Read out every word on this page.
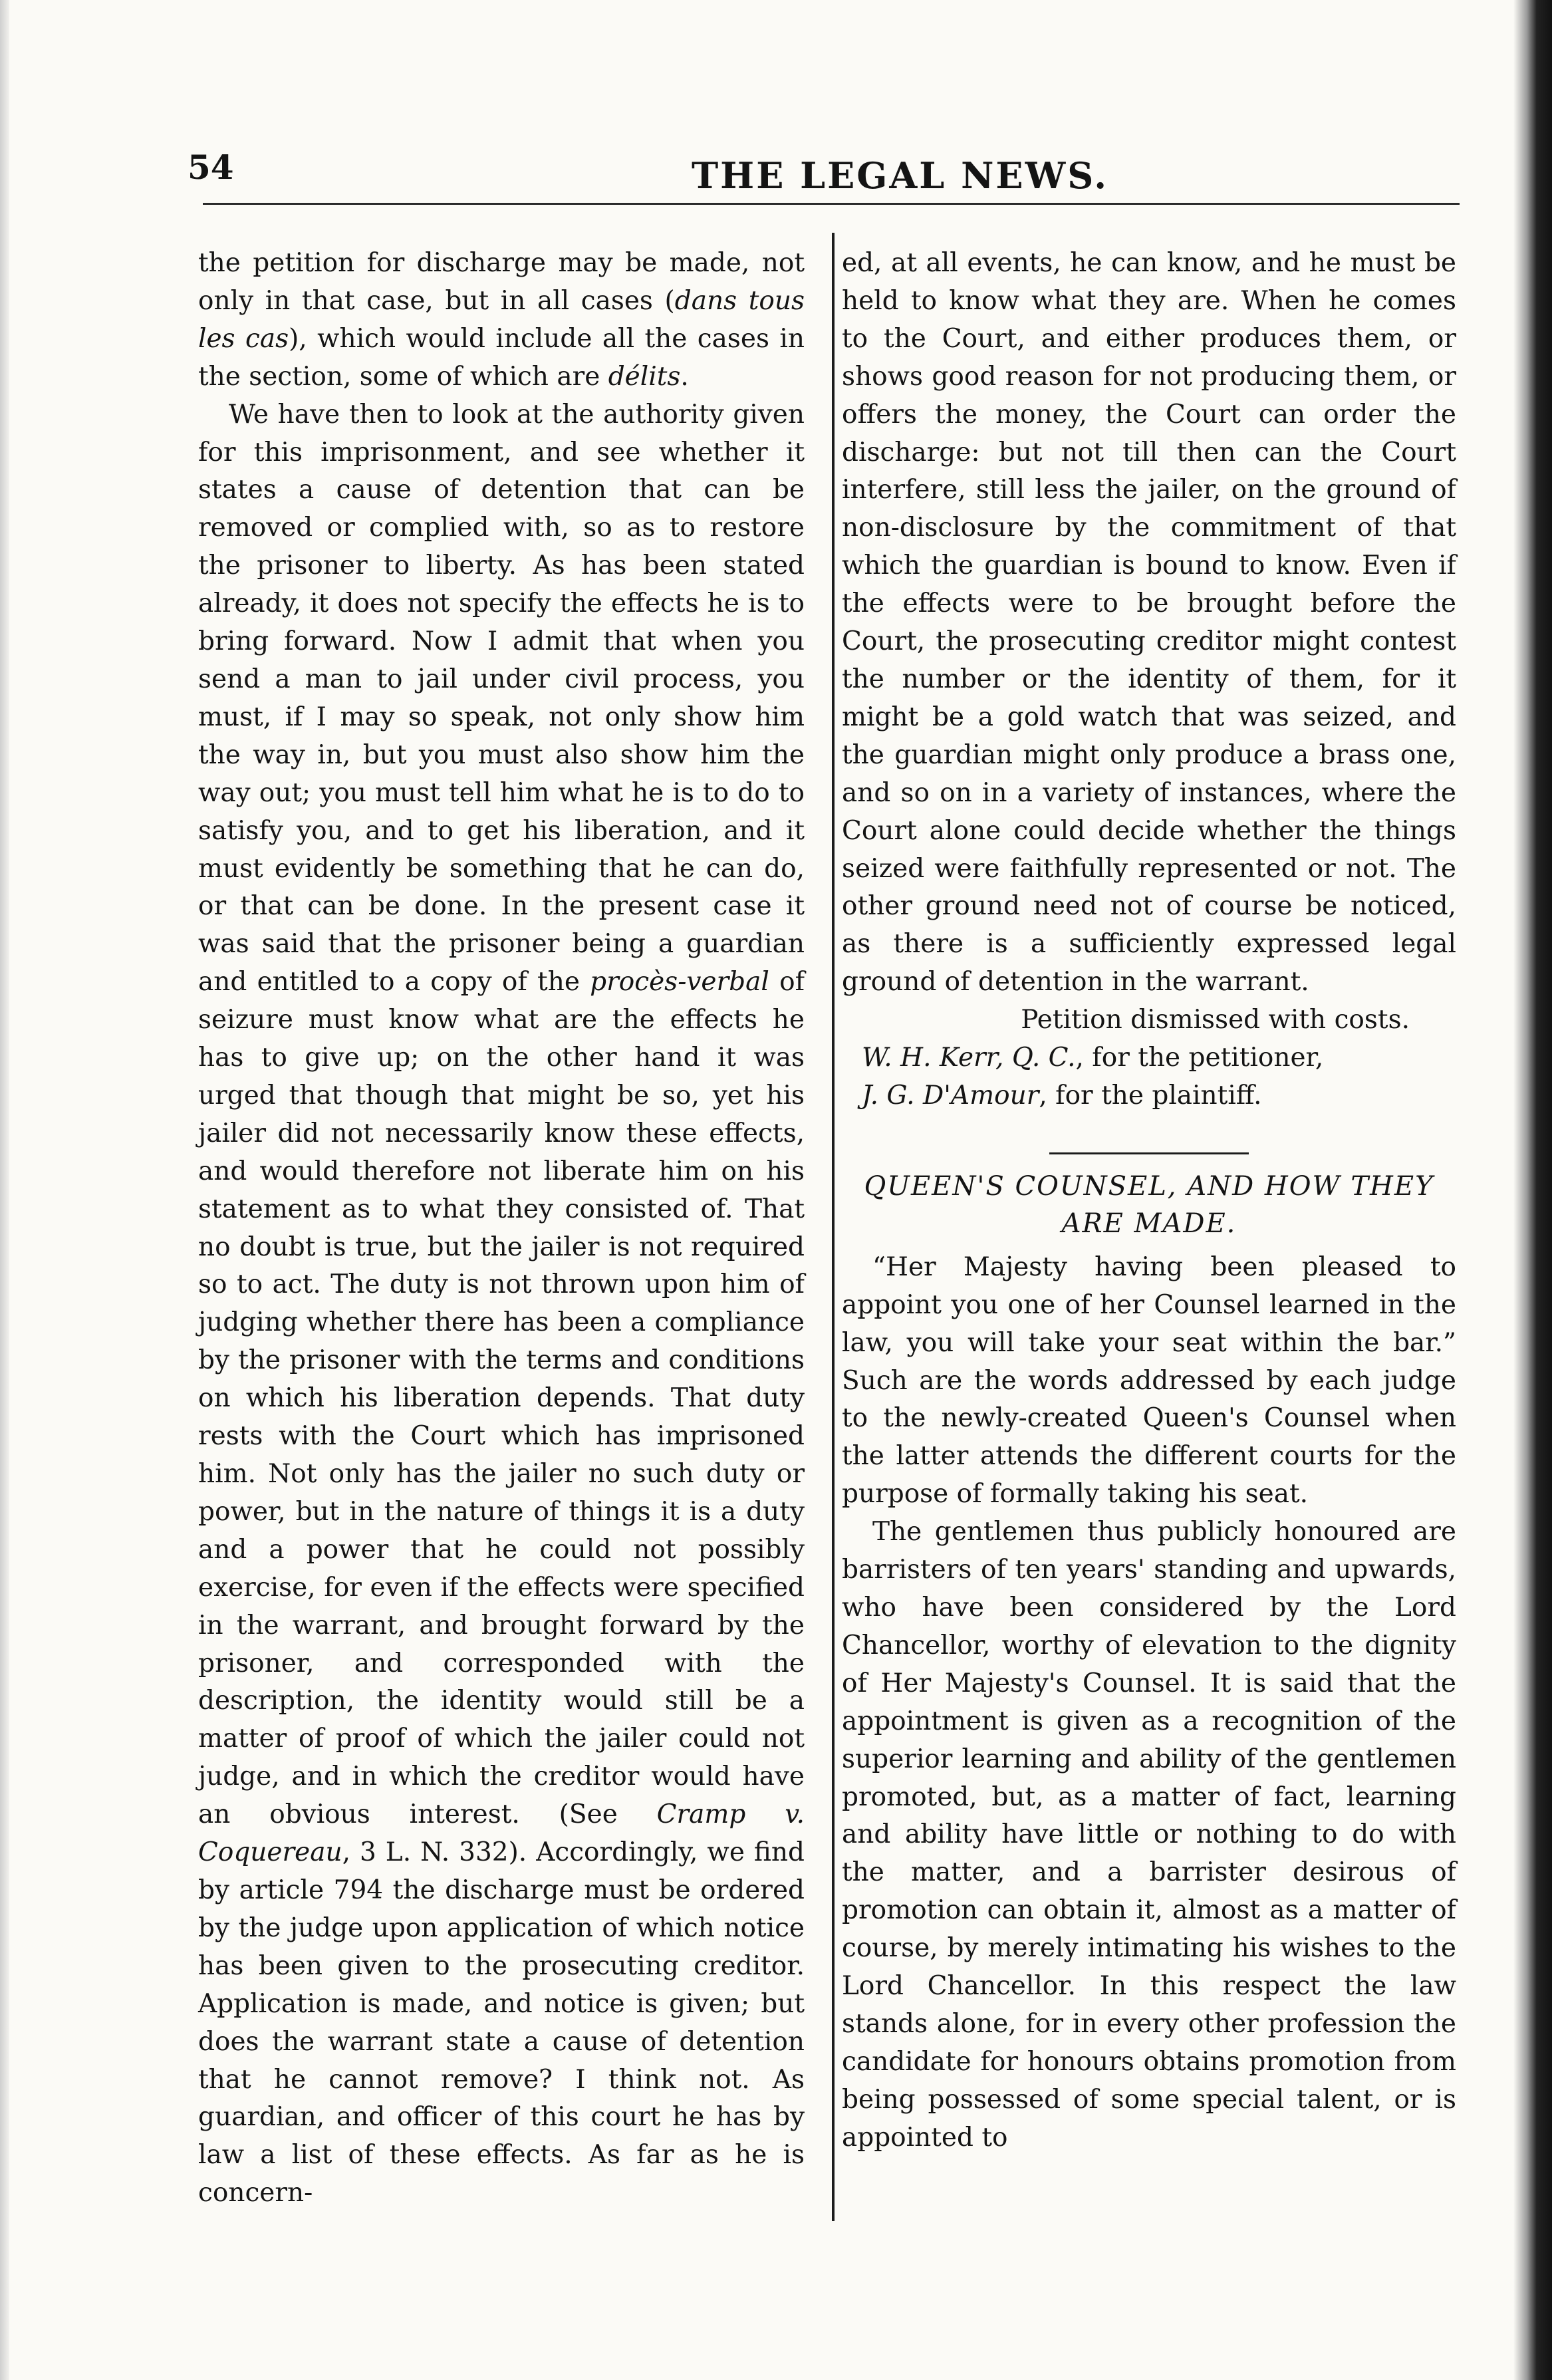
54	THE LEGAL NEWS.

the petition for discharge may be made, not only in that case, but in all cases (dans tous les cas), which would include all the cases in the section, some of which are délits.

We have then to look at the authority given for this imprisonment, and see whether it states a cause of detention that can be removed or complied with, so as to restore the prisoner to liberty. As has been stated already, it does not specify the effects he is to bring forward. Now I admit that when you send a man to jail under civil process, you must, if I may so speak, not only show him the way in, but you must also show him the way out; you must tell him what he is to do to satisfy you, and to get his liberation, and it must evidently be something that he can do, or that can be done. In the present case it was said that the prisoner being a guardian and entitled to a copy of the procès-verbal of seizure must know what are the effects he has to give up; on the other hand it was urged that though that might be so, yet his jailer did not necessarily know these effects, and would therefore not liberate him on his statement as to what they consisted of. That no doubt is true, but the jailer is not required so to act. The duty is not thrown upon him of judging whether there has been a compliance by the prisoner with the terms and conditions on which his liberation depends. That duty rests with the Court which has imprisoned him. Not only has the jailer no such duty or power, but in the nature of things it is a duty and a power that he could not possibly exercise, for even if the effects were specified in the warrant, and brought forward by the prisoner, and corresponded with the description, the identity would still be a matter of proof of which the jailer could not judge, and in which the creditor would have an obvious interest. (See Cramp v. Coquereau, 3 L. N. 332). Accordingly, we find by article 794 the discharge must be ordered by the judge upon application of which notice has been given to the prosecuting creditor. Application is made, and notice is given; but does the warrant state a cause of detention that he cannot remove? I think not. As guardian, and officer of this court he has by law a list of these effects. As far as he is concern-

ed, at all events, he can know, and he must be held to know what they are. When he comes to the Court, and either produces them, or shows good reason for not producing them, or offers the money, the Court can order the discharge: but not till then can the Court interfere, still less the jailer, on the ground of non-disclosure by the commitment of that which the guardian is bound to know. Even if the effects were to be brought before the Court, the prosecuting creditor might contest the number or the identity of them, for it might be a gold watch that was seized, and the guardian might only produce a brass one, and so on in a variety of instances, where the Court alone could decide whether the things seized were faithfully represented or not. The other ground need not of course be noticed, as there is a sufficiently expressed legal ground of detention in the warrant.

Petition dismissed with costs.

W. H. Kerr, Q. C., for the petitioner,

J. G. D'Amour, for the plaintiff.

QUEEN'S COUNSEL, AND HOW THEY
ARE MADE.

“Her Majesty having been pleased to appoint you one of her Counsel learned in the law, you will take your seat within the bar.” Such are the words addressed by each judge to the newly-created Queen's Counsel when the latter attends the different courts for the purpose of formally taking his seat.

The gentlemen thus publicly honoured are barristers of ten years' standing and upwards, who have been considered by the Lord Chancellor, worthy of elevation to the dignity of Her Majesty's Counsel. It is said that the appointment is given as a recognition of the superior learning and ability of the gentlemen promoted, but, as a matter of fact, learning and ability have little or nothing to do with the matter, and a barrister desirous of promotion can obtain it, almost as a matter of course, by merely intimating his wishes to the Lord Chancellor. In this respect the law stands alone, for in every other profession the candidate for honours obtains promotion from being possessed of some special talent, or is appointed to
